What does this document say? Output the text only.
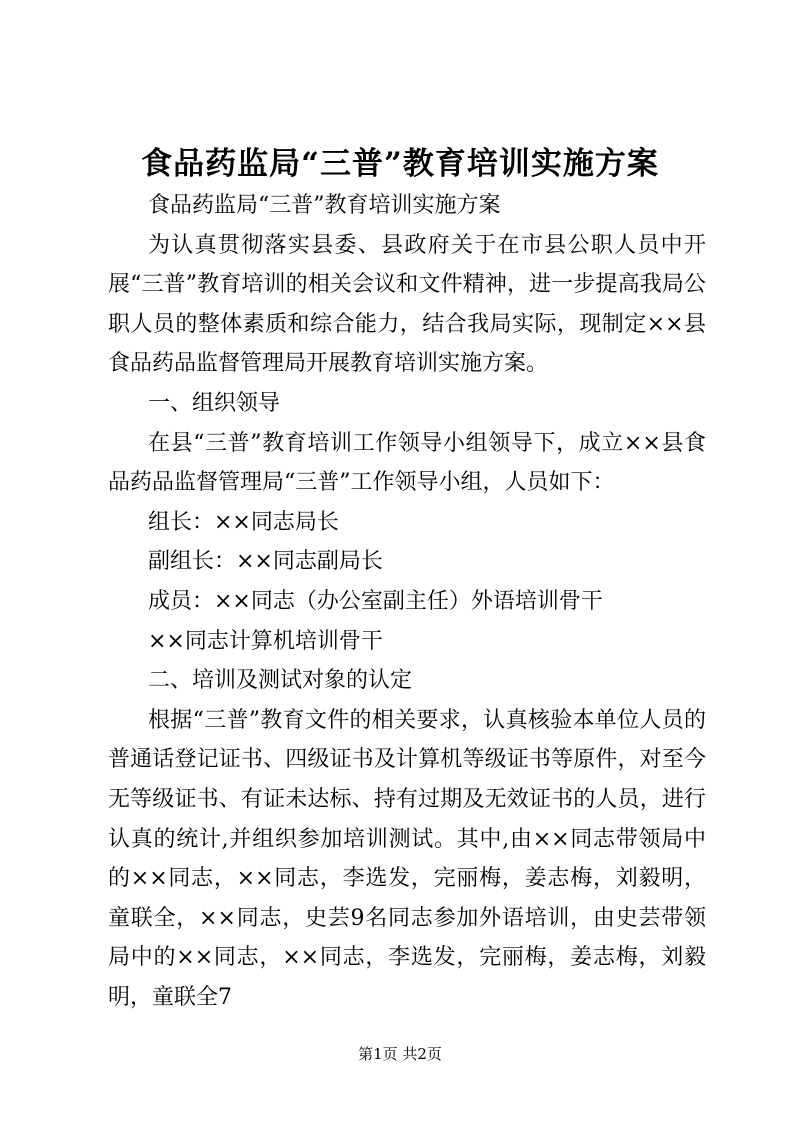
食品药监局“三普”教育培训实施方案

食品药监局“三普”教育培训实施方案

为认真贯彻落实县委、县政府关于在市县公职人员中开展“三普”教育培训的相关会议和文件精神，进一步提高我局公职人员的整体素质和综合能力，结合我局实际，现制定××县食品药品监督管理局开展教育培训实施方案。

一、组织领导

在县“三普”教育培训工作领导小组领导下，成立××县食品药品监督管理局“三普”工作领导小组，人员如下：

组长：××同志局长

副组长：××同志副局长

成员：××同志（办公室副主任）外语培训骨干

××同志计算机培训骨干

二、培训及测试对象的认定

根据“三普”教育文件的相关要求，认真核验本单位人员的普通话登记证书、四级证书及计算机等级证书等原件，对至今无等级证书、有证未达标、持有过期及无效证书的人员，进行认真的统计,并组织参加培训测试。其中,由××同志带领局中的××同志，××同志，李选发，完丽梅，姜志梅，刘毅明，童联全，××同志，史芸9名同志参加外语培训，由史芸带领局中的××同志，××同志，李选发，完丽梅，姜志梅，刘毅明，童联全7

第1页 共2页
